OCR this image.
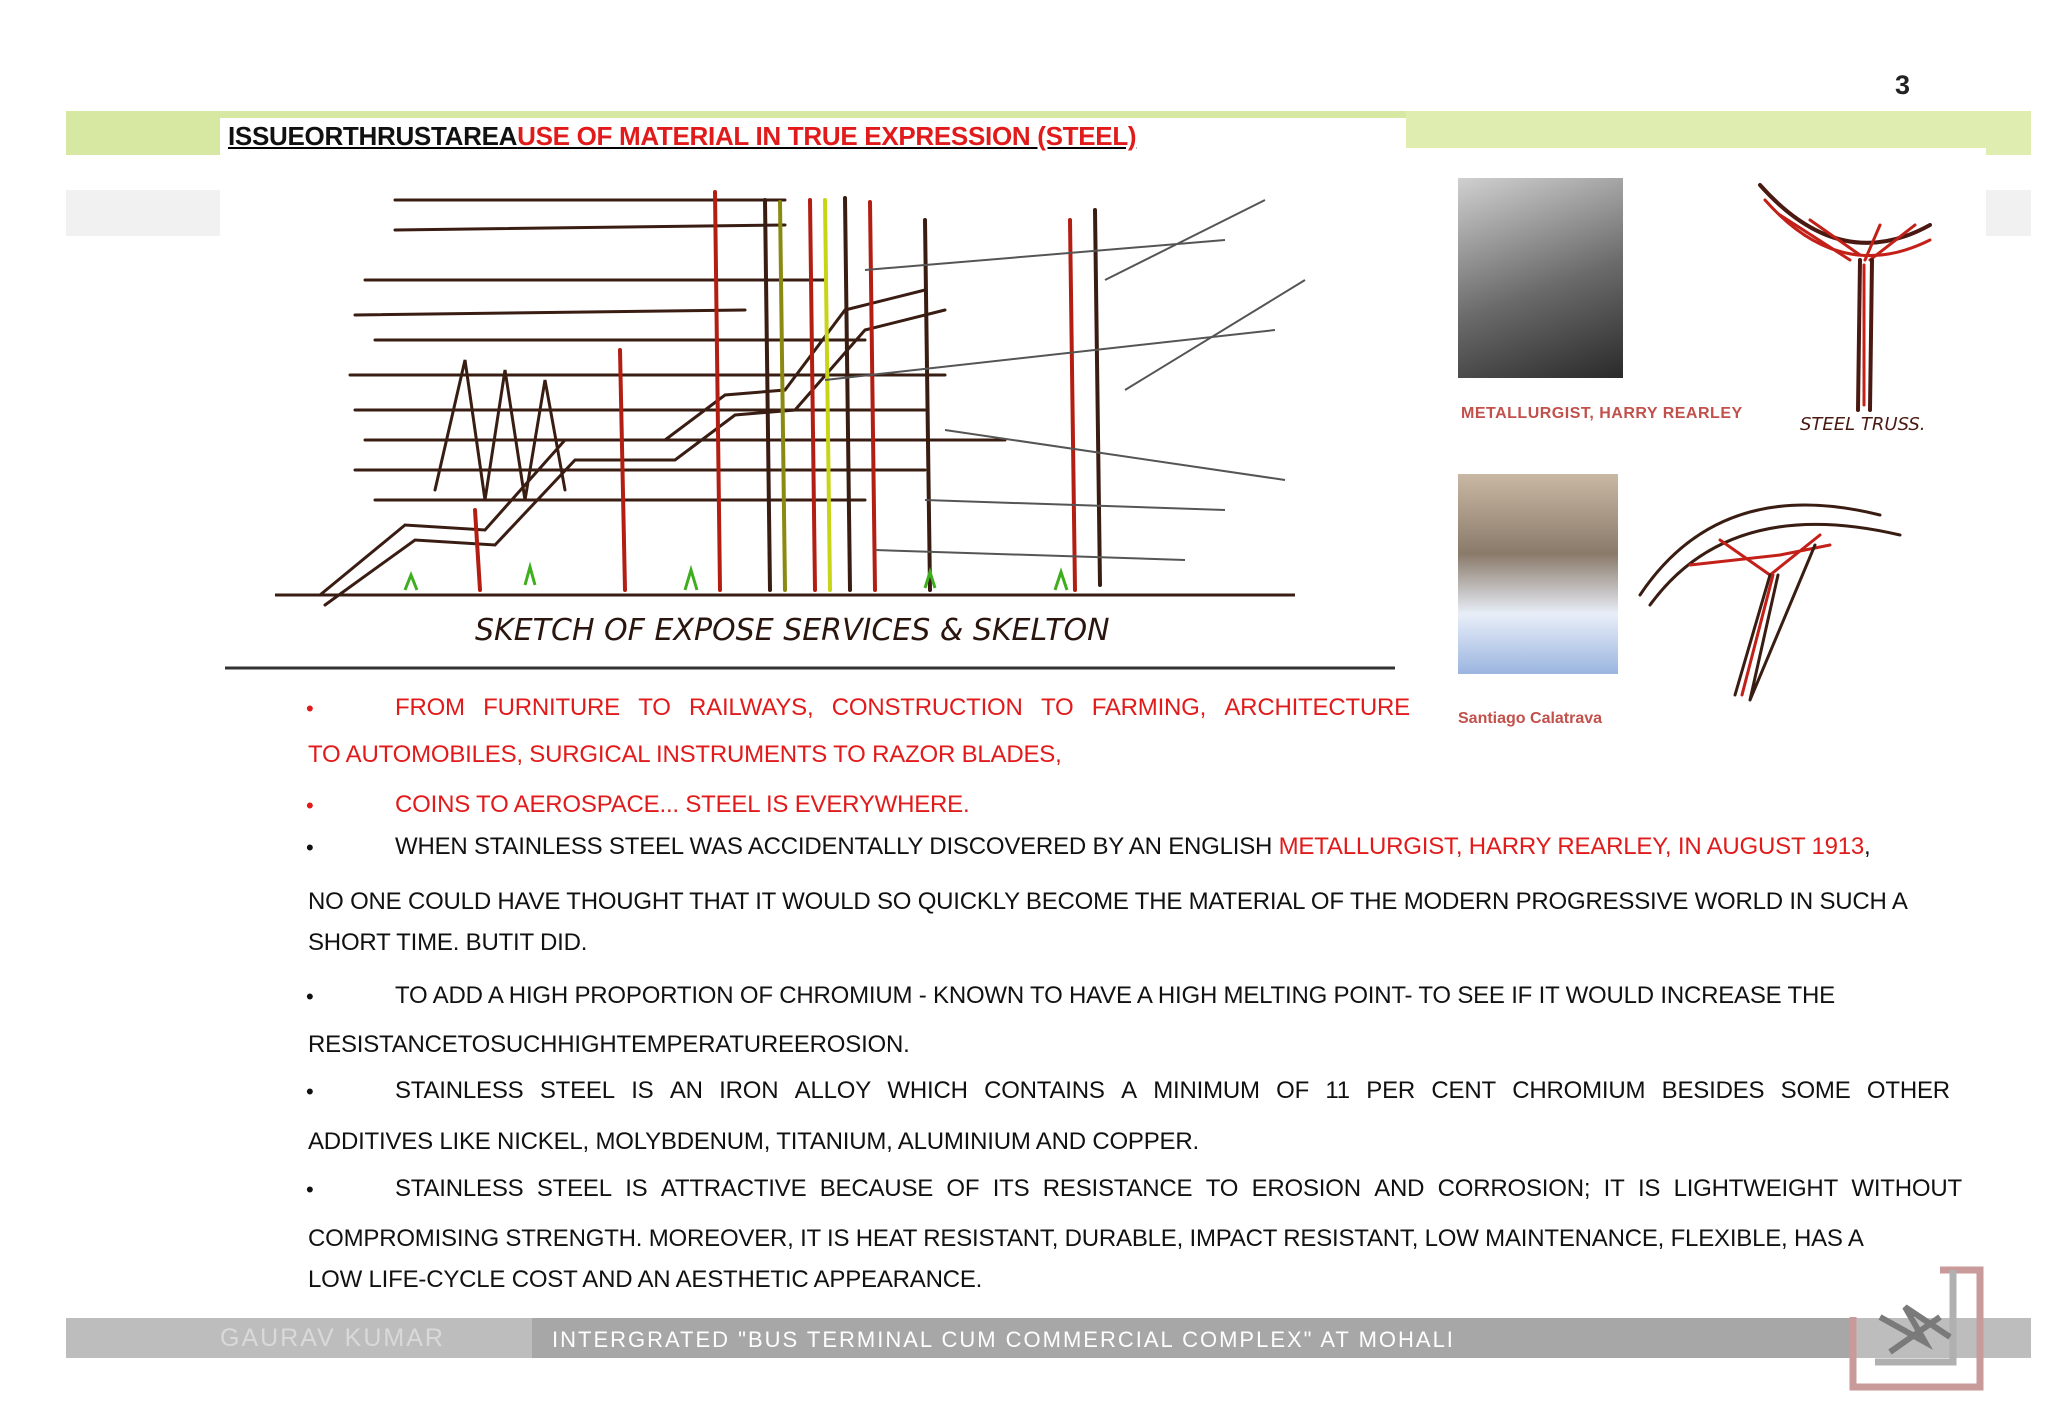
3
ISSUEORTHRUSTAREAUSE OF MATERIAL IN TRUE EXPRESSION (STEEL)
SKETCH OF EXPOSE SERVICES & SKELTON
METALLURGIST, HARRY REARLEY
Santiago Calatrava
STEEL TRUSS.
•	FROM FURNITURE TO RAILWAYS, CONSTRUCTION TO FARMING, ARCHITECTURE
TO AUTOMOBILES, SURGICAL INSTRUMENTS TO RAZOR BLADES,
•	COINS TO AEROSPACE... STEEL IS EVERYWHERE.
•	WHEN STAINLESS STEEL WAS ACCIDENTALLY DISCOVERED BY AN ENGLISH METALLURGIST, HARRY REARLEY, IN AUGUST 1913,
NO ONE COULD HAVE THOUGHT THAT IT WOULD SO QUICKLY BECOME THE MATERIAL OF THE MODERN PROGRESSIVE WORLD IN SUCH A
SHORT TIME. BUTIT DID.
•	TO ADD A HIGH PROPORTION OF CHROMIUM - KNOWN TO HAVE A HIGH MELTING POINT- TO SEE IF IT WOULD INCREASE THE
RESISTANCETOSUCHHIGHTEMPERATUREEROSION.
•	STAINLESS STEEL IS AN IRON ALLOY WHICH CONTAINS A MINIMUM OF 11 PER CENT CHROMIUM BESIDES SOME OTHER
ADDITIVES LIKE NICKEL, MOLYBDENUM, TITANIUM, ALUMINIUM AND COPPER.
•	STAINLESS STEEL IS ATTRACTIVE BECAUSE OF ITS RESISTANCE TO EROSION AND CORROSION; IT IS LIGHTWEIGHT WITHOUT
COMPROMISING STRENGTH. MOREOVER, IT IS HEAT RESISTANT, DURABLE, IMPACT RESISTANT, LOW MAINTENANCE, FLEXIBLE, HAS A
LOW LIFE-CYCLE COST AND AN AESTHETIC APPEARANCE.
GAURAV KUMAR	INTERGRATED "BUS TERMINAL CUM COMMERCIAL COMPLEX" AT MOHALI
